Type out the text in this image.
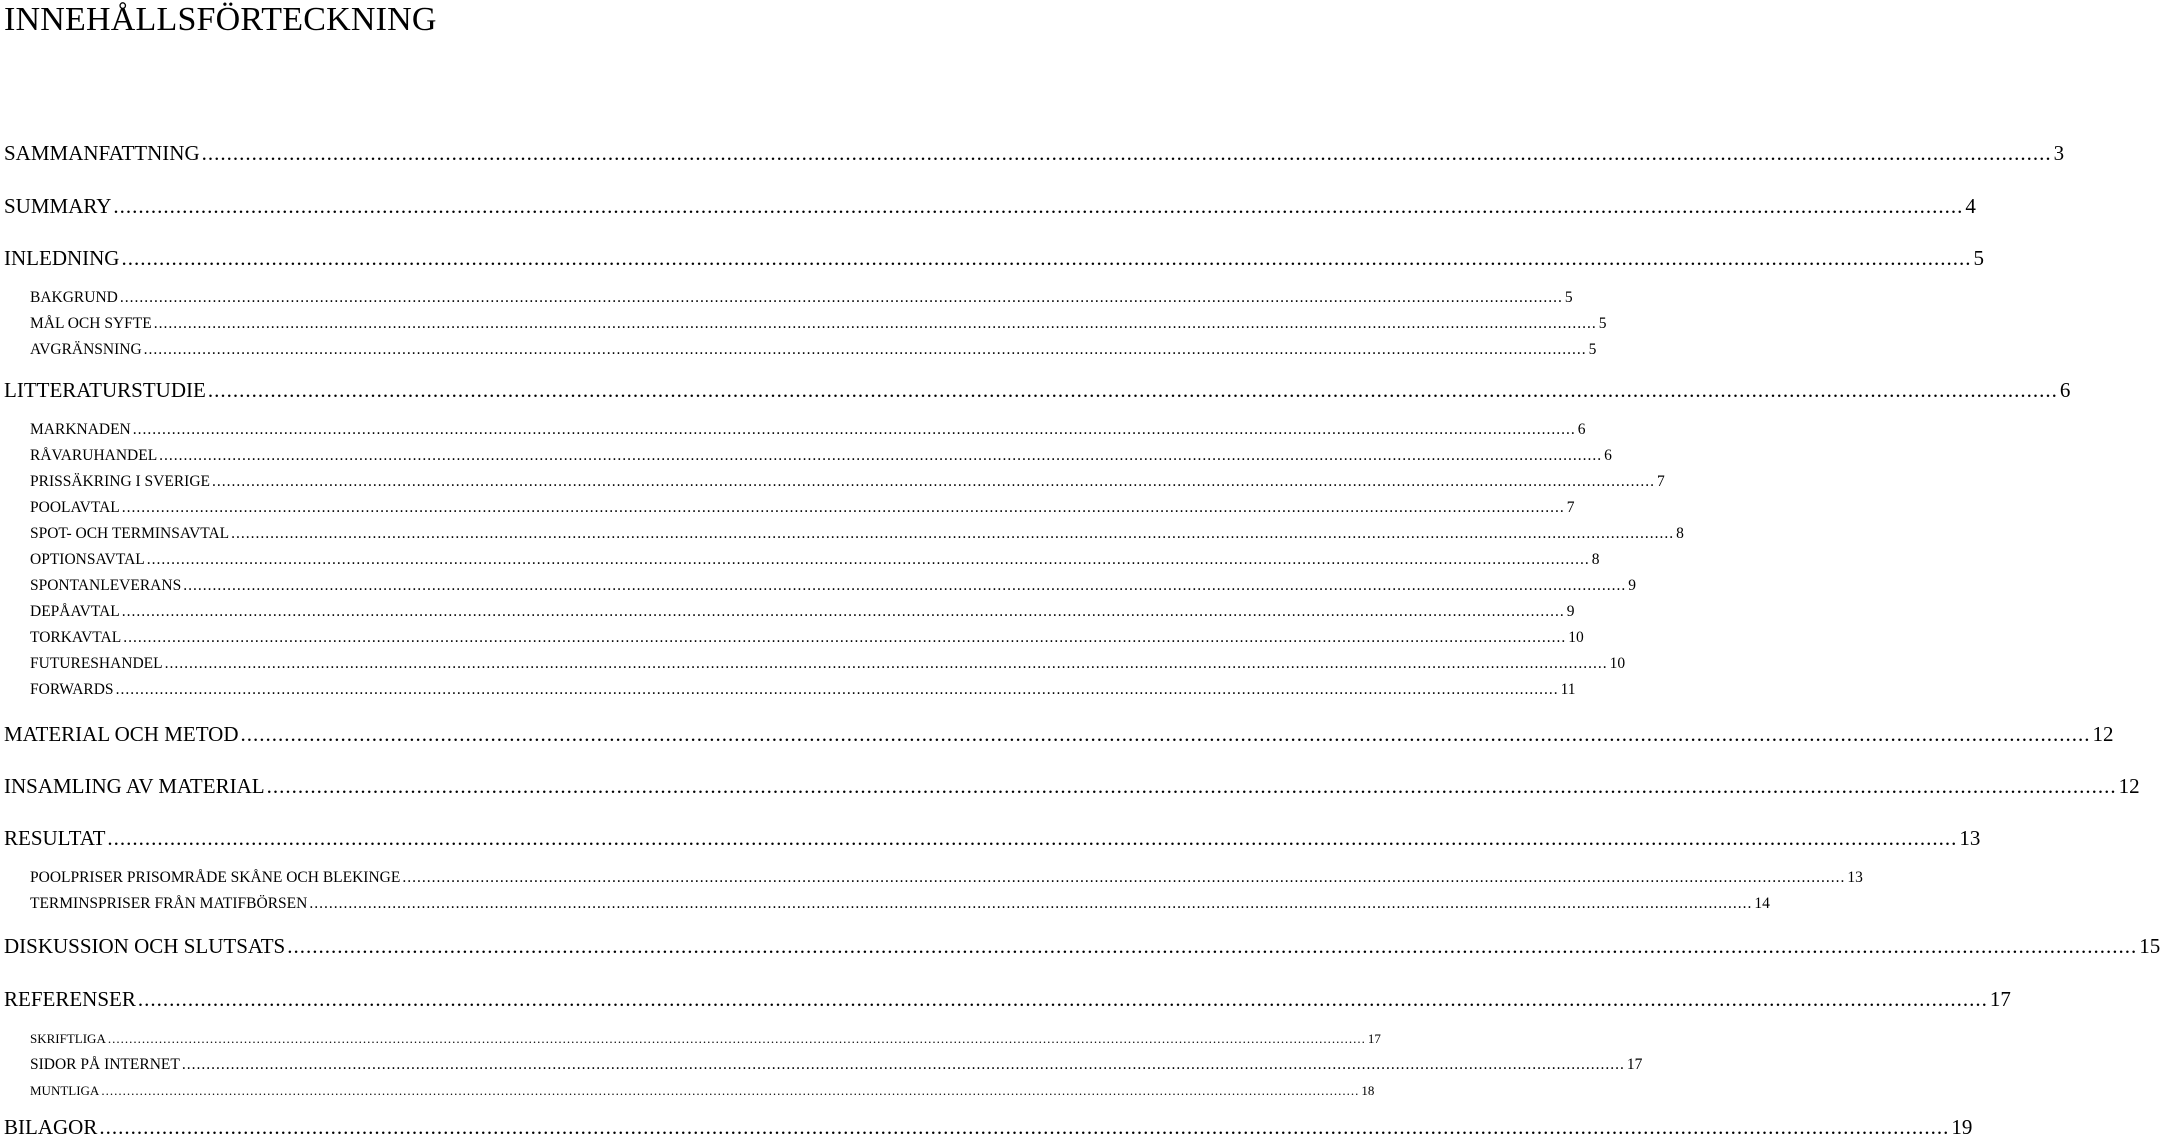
INNEHÅLLSFÖRTECKNING
SAMMANFATTNING .....	3
SUMMARY .....	4
INLEDNING .....	5
BAKGRUND .....	5
MÅL OCH SYFTE .....	5
AVGRÄNSNING .....	5
LITTERATURSTUDIE .....	6
MARKNADEN .....	6
RÅVARUHANDEL .....	6
PRISSÄKRING I SVERIGE .....	7
POOLAVTAL .....	7
SPOT- OCH TERMINSAVTAL .....	8
OPTIONSAVTAL .....	8
SPONTANLEVERANS .....	9
DEPÅAVTAL .....	9
TORKAVTAL .....	10
FUTURESHANDEL .....	10
FORWARDS .....	11
MATERIAL OCH METOD .....	12
INSAMLING AV MATERIAL .....	12
RESULTAT .....	13
POOLPRISER PRISOMRÅDE SKÅNE OCH BLEKINGE .....	13
TERMINSPRISER FRÅN MATIFBÖRSEN .....	14
DISKUSSION OCH SLUTSATS .....	15
REFERENSER .....	17
SKRIFTLIGA .....	17
SIDOR PÅ INTERNET .....	17
MUNTLIGA .....	18
BILAGOR .....	19
